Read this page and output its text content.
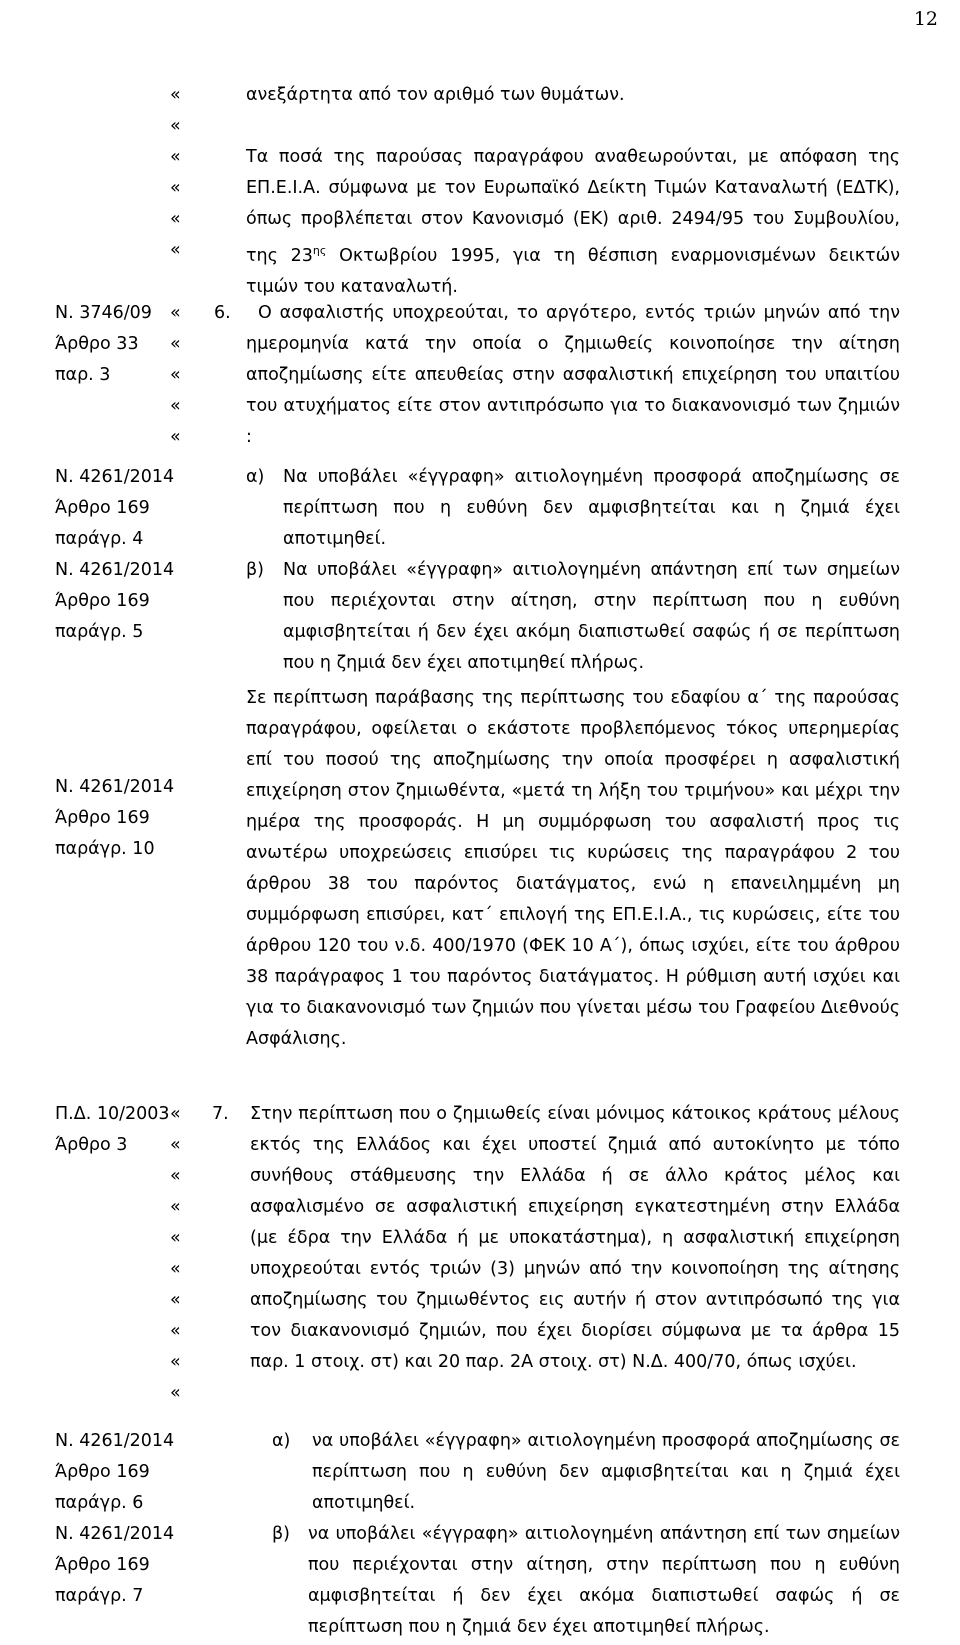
12
«
«
«
«
«
«
ανεξάρτητα από τον αριθμό των θυμάτων.

Τα ποσά της παρούσας παραγράφου αναθεωρούνται, με απόφαση της ΕΠ.Ε.Ι.Α. σύμφωνα με τον Ευρωπαϊκό Δείκτη Τιμών Καταναλωτή (ΕΔΤΚ), όπως προβλέπεται στον Κανονισμό (ΕΚ) αριθ. 2494/95 του Συμβουλίου, της $23^{\eta\varsigma}$ Οκτωβρίου 1995, για τη θέσπιση εναρμονισμένων δεικτών τιμών του καταναλωτή.
Ν. 3746/09
Άρθρο 33
παρ. 3
«
«
«
«
«
6.	Ο ασφαλιστής υποχρεούται, το αργότερο, εντός τριών μηνών από την ημερομηνία κατά την οποία ο ζημιωθείς κοινοποίησε την αίτηση αποζημίωσης είτε απευθείας στην ασφαλιστική επιχείρηση του υπαιτίου του ατυχήματος είτε στον αντιπρόσωπο για το διακανονισμό των ζημιών :
Ν. 4261/2014
Άρθρο 169
παράγρ. 4
Ν. 4261/2014
Άρθρο 169
παράγρ. 5
α) Να υποβάλει «έγγραφη» αιτιολογημένη προσφορά αποζημίωσης σε περίπτωση που η ευθύνη δεν αμφισβητείται και η ζημιά έχει αποτιμηθεί.
β) Να υποβάλει «έγγραφη» αιτιολογημένη απάντηση επί των σημείων που περιέχονται στην αίτηση, στην περίπτωση που η ευθύνη αμφισβητείται ή δεν έχει ακόμη διαπιστωθεί σαφώς ή σε περίπτωση που η ζημιά δεν έχει αποτιμηθεί πλήρως.
Ν. 4261/2014
Άρθρο 169
παράγρ. 10
Σε περίπτωση παράβασης της περίπτωσης του εδαφίου α΄ της παρούσας παραγράφου, οφείλεται ο εκάστοτε προβλεπόμενος τόκος υπερημερίας επί του ποσού της αποζημίωσης την οποία προσφέρει η ασφαλιστική επιχείρηση στον ζημιωθέντα, «μετά τη λήξη του τριμήνου» και μέχρι την ημέρα της προσφοράς. Η μη συμμόρφωση του ασφαλιστή προς τις ανωτέρω υποχρεώσεις επισύρει τις κυρώσεις της παραγράφου 2 του άρθρου 38 του παρόντος διατάγματος, ενώ η επανειλημμένη μη συμμόρφωση επισύρει, κατ΄ επιλογή της ΕΠ.Ε.Ι.Α., τις κυρώσεις, είτε του άρθρου 120 του ν.δ. 400/1970 (ΦΕΚ 10 Α΄), όπως ισχύει, είτε του άρθρου 38 παράγραφος 1 του παρόντος διατάγματος. Η ρύθμιση αυτή ισχύει και για το διακανονισμό των ζημιών που γίνεται μέσω του Γραφείου Διεθνούς Ασφάλισης.
Π.Δ. 10/2003
Άρθρο 3
«
«
«
«
«
«
«
«
«
«
7. Στην περίπτωση που ο ζημιωθείς είναι μόνιμος κάτοικος κράτους μέλους εκτός της Ελλάδος και έχει υποστεί ζημιά από αυτοκίνητο με τόπο συνήθους στάθμευσης την Ελλάδα ή σε άλλο κράτος μέλος και ασφαλισμένο σε ασφαλιστική επιχείρηση εγκατεστημένη στην Ελλάδα (με έδρα την Ελλάδα ή με υποκατάστημα), η ασφαλιστική επιχείρηση υποχρεούται εντός τριών (3) μηνών από την κοινοποίηση της αίτησης αποζημίωσης του ζημιωθέντος εις αυτήν ή στον αντιπρόσωπό της για τον διακανονισμό ζημιών, που έχει διορίσει σύμφωνα με τα άρθρα 15 παρ. 1 στοιχ. στ) και 20 παρ. 2Α στοιχ. στ) Ν.Δ. 400/70, όπως ισχύει.
Ν. 4261/2014
Άρθρο 169
παράγρ. 6
Ν. 4261/2014
Άρθρο 169
παράγρ. 7
α) να υποβάλει «έγγραφη» αιτιολογημένη προσφορά αποζημίωσης σε περίπτωση που η ευθύνη δεν αμφισβητείται και η ζημιά έχει αποτιμηθεί.
β) να υποβάλει «έγγραφη» αιτιολογημένη απάντηση επί των σημείων που περιέχονται στην αίτηση, στην περίπτωση που η ευθύνη αμφισβητείται ή δεν έχει ακόμα διαπιστωθεί σαφώς ή σε περίπτωση που η ζημιά δεν έχει αποτιμηθεί πλήρως.
